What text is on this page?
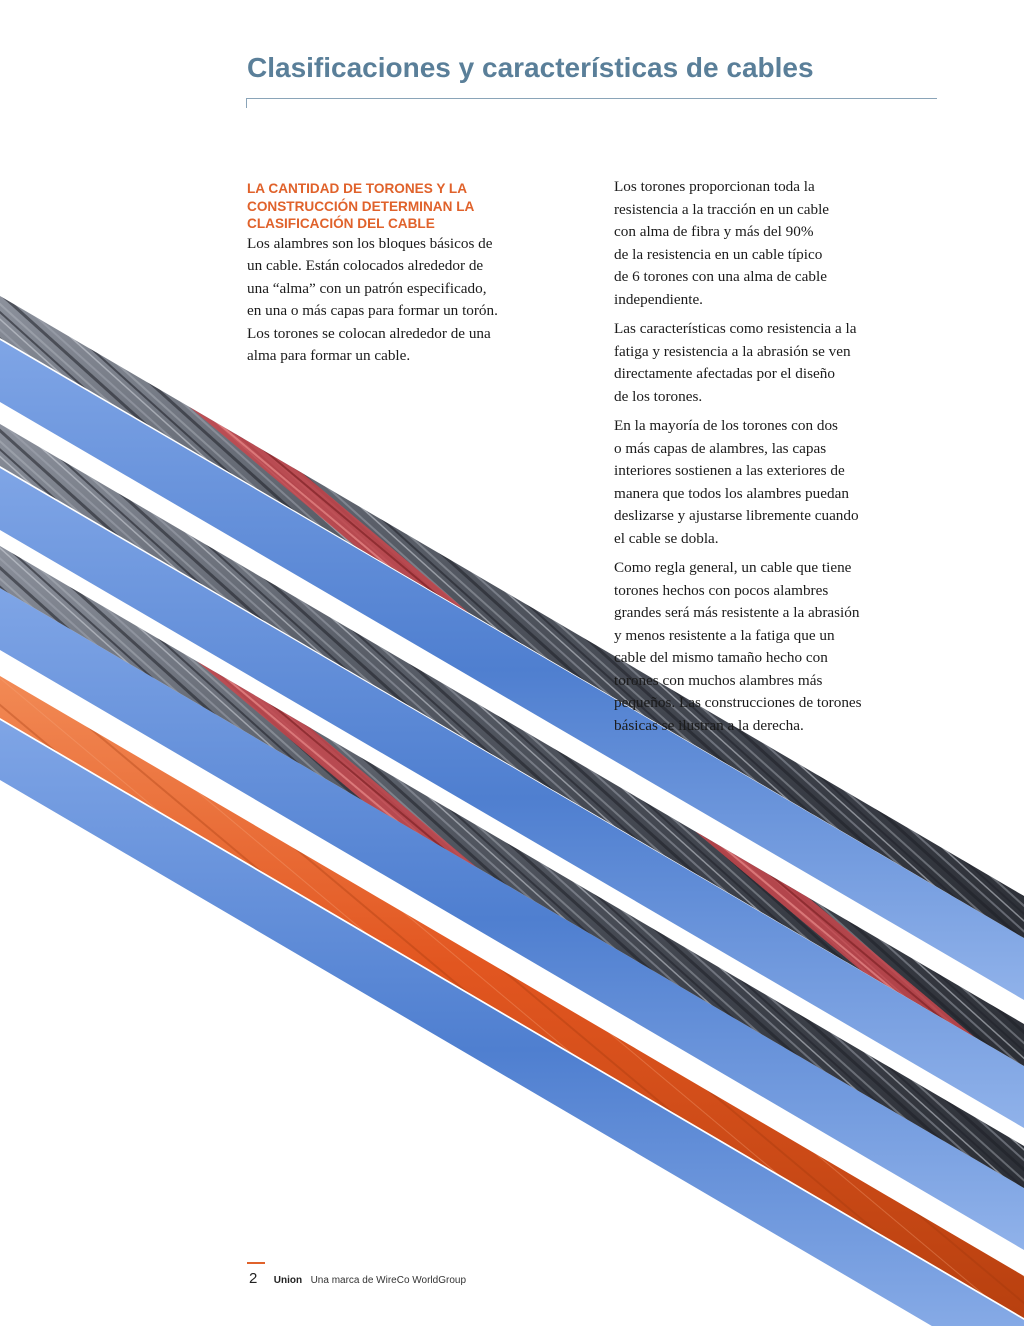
Clasificaciones y características de cables
LA CANTIDAD DE TORONES Y LA
CONSTRUCCIÓN DETERMINAN LA
CLASIFICACIÓN DEL CABLE
Los alambres son los bloques básicos de
un cable. Están colocados alrededor de
una “alma” con un patrón especificado,
en una o más capas para formar un torón.
Los torones se colocan alrededor de una
alma para formar un cable.
Los torones proporcionan toda la
resistencia a la tracción en un cable
con alma de fibra y más del 90%
de la resistencia en un cable típico
de 6 torones con una alma de cable
independiente.
Las características como resistencia a la
fatiga y resistencia a la abrasión se ven
directamente afectadas por el diseño
de los torones.
En la mayoría de los torones con dos
o más capas de alambres, las capas
interiores sostienen a las exteriores de
manera que todos los alambres puedan
deslizarse y ajustarse libremente cuando
el cable se dobla.
Como regla general, un cable que tiene
torones hechos con pocos alambres
grandes será más resistente a la abrasión
y menos resistente a la fatiga que un
cable del mismo tamaño hecho con
torones con muchos alambres más
pequeños. Las construcciones de torones
básicas se ilustran a la derecha.
2 Union Una marca de WireCo WorldGroup
